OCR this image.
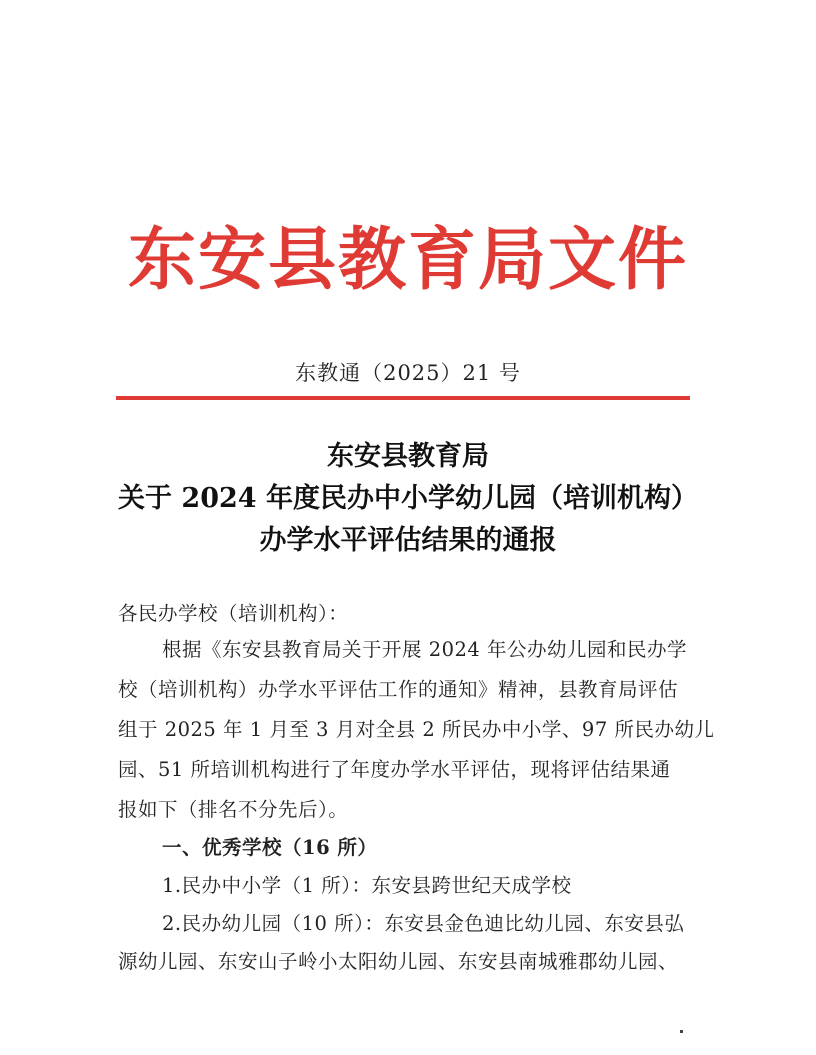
东安县教育局文件
东教通（2025）21 号
东安县教育局
关于 2024 年度民办中小学幼儿园（培训机构）
办学水平评估结果的通报
各民办学校（培训机构）：
根据《东安县教育局关于开展 2024 年公办幼儿园和民办学
校（培训机构）办学水平评估工作的通知》精神，县教育局评估
组于 2025 年 1 月至 3 月对全县 2 所民办中小学、97 所民办幼儿
园、51 所培训机构进行了年度办学水平评估，现将评估结果通
报如下（排名不分先后）。
一、优秀学校（16 所）
1.民办中小学（1 所）：东安县跨世纪天成学校
2.民办幼儿园（10 所）：东安县金色迪比幼儿园、东安县弘
源幼儿园、东安山子岭小太阳幼儿园、东安县南城雅郡幼儿园、
